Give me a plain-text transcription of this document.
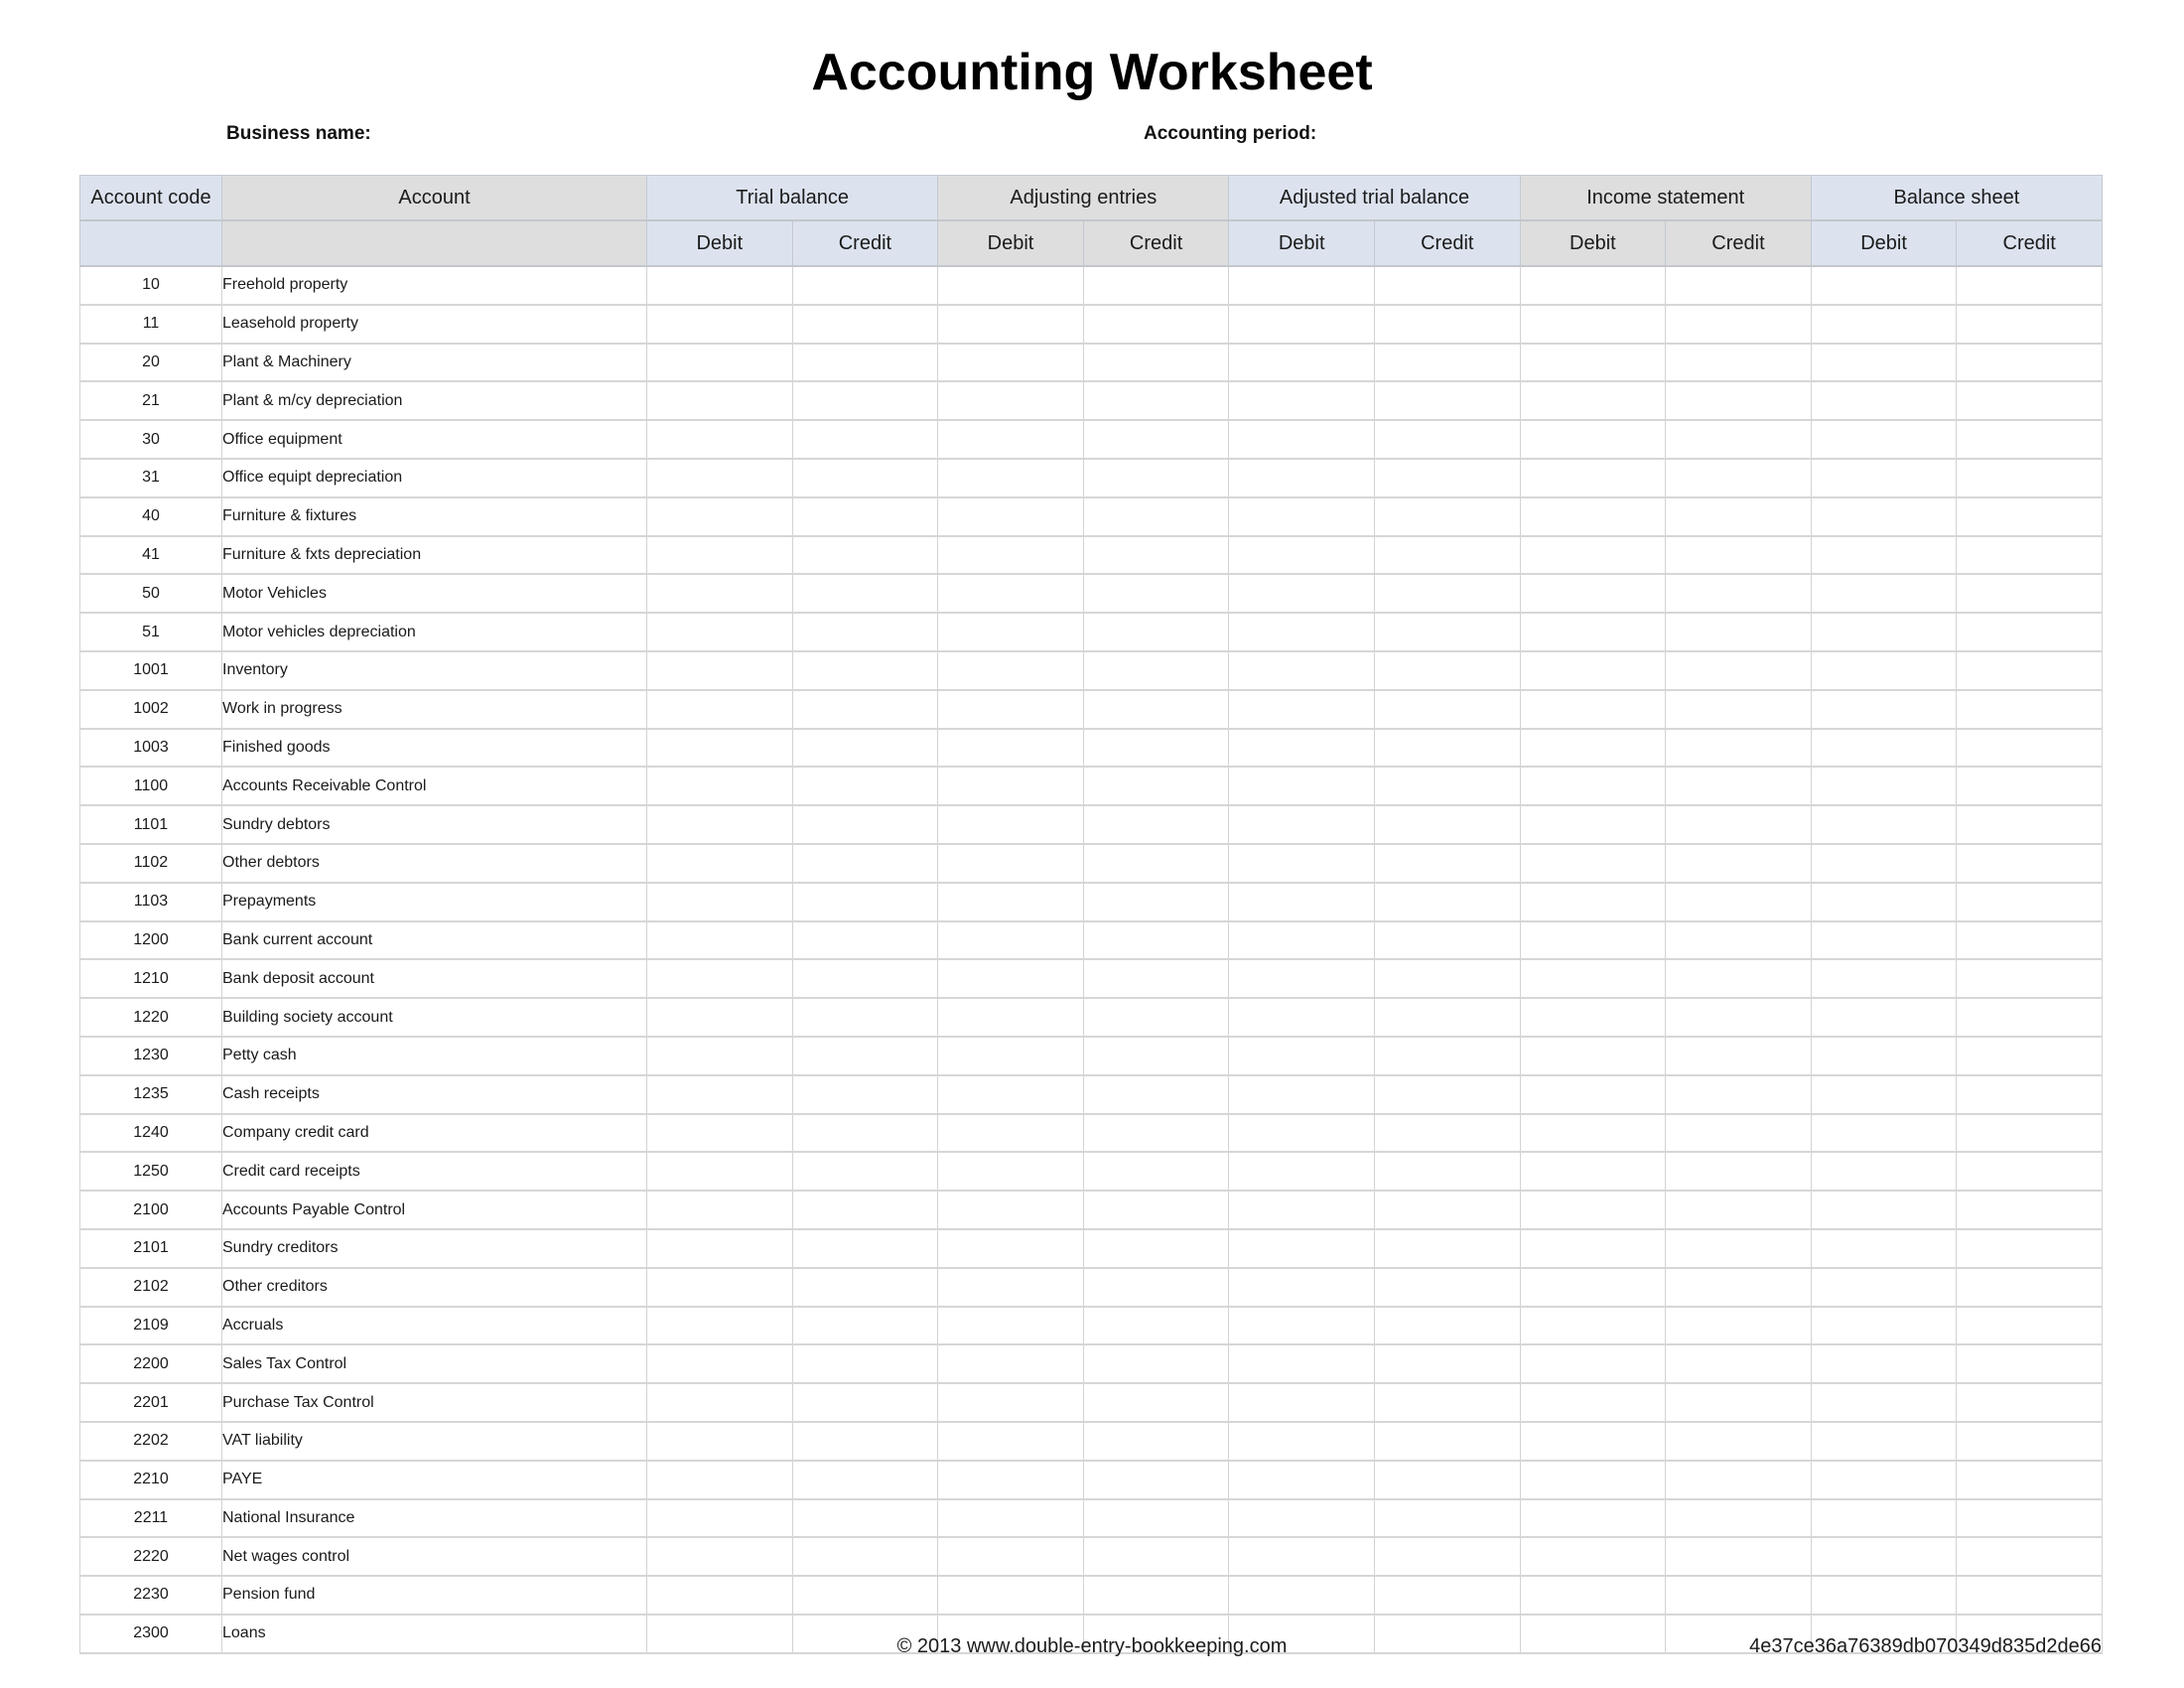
Accounting Worksheet
Business name:	Accounting period:
Account code	Account	Trial balance		Adjusting entries		Adjusted trial balance		Income statement		Balance sheet	
		Debit	Credit	Debit	Credit	Debit	Credit	Debit	Credit	Debit	Credit
10	Freehold property										
11	Leasehold property										
20	Plant & Machinery										
21	Plant & m/cy depreciation										
30	Office equipment										
31	Office equipt depreciation										
40	Furniture & fixtures										
41	Furniture & fxts depreciation										
50	Motor Vehicles										
51	Motor vehicles depreciation										
1001	Inventory										
1002	Work in progress										
1003	Finished goods										
1100	Accounts Receivable Control										
1101	Sundry debtors										
1102	Other debtors										
1103	Prepayments										
1200	Bank current account										
1210	Bank deposit account										
1220	Building society account										
1230	Petty cash										
1235	Cash receipts										
1240	Company credit card										
1250	Credit card receipts										
2100	Accounts Payable Control										
2101	Sundry creditors										
2102	Other creditors										
2109	Accruals										
2200	Sales Tax Control										
2201	Purchase Tax Control										
2202	VAT liability										
2210	PAYE										
2211	National Insurance										
2220	Net wages control										
2230	Pension fund										
2300	Loans										
© 2013 www.double-entry-bookkeeping.com	4e37ce36a76389db070349d835d2de66
